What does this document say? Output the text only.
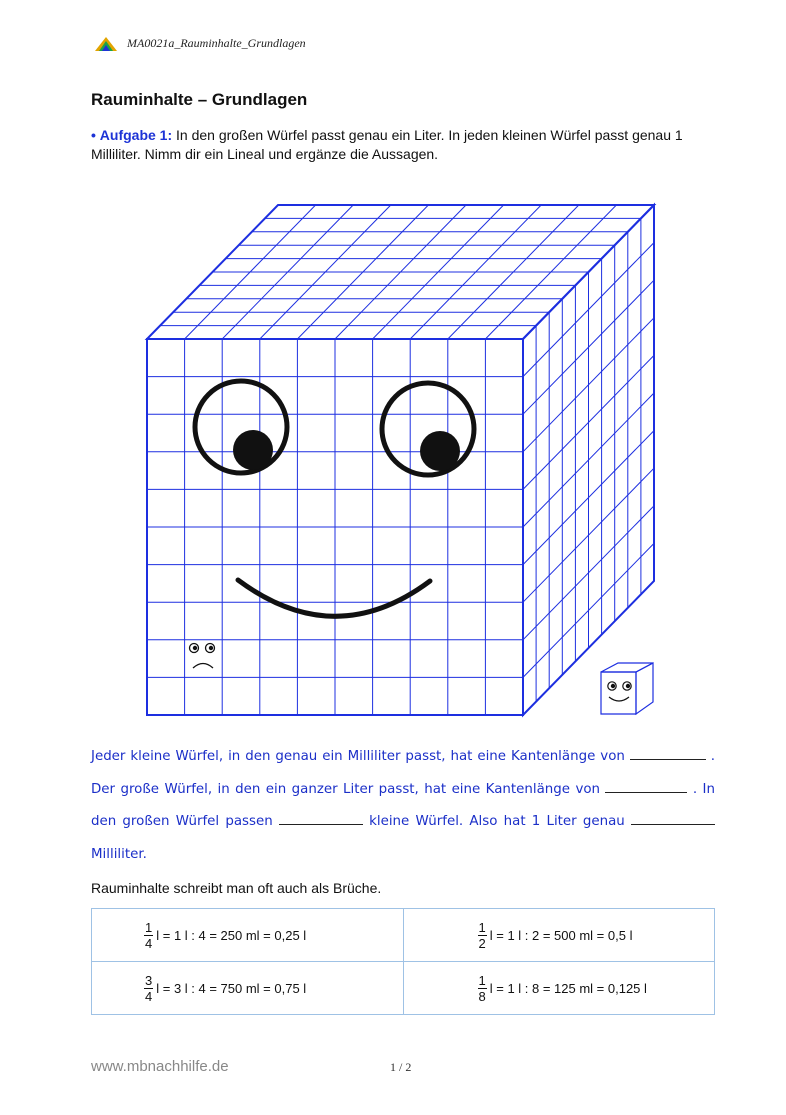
MA0021a_Rauminhalte_Grundlagen
Rauminhalte – Grundlagen
• Aufgabe 1: In den großen Würfel passt genau ein Liter. In jeden kleinen Würfel passt genau 1 Milliliter. Nimm dir ein Lineal und ergänze die Aussagen.
Jeder kleine Würfel, in den genau ein Milliliter passt, hat eine Kantenlänge von	. Der große Würfel, in den ein ganzer Liter passt, hat eine Kantenlänge von	. In den großen Würfel passen	kleine Würfel. Also hat 1 Liter genau  Milliliter.
Rauminhalte schreibt man oft auch als Brüche.
$\frac{1}{4}$ l = 1 l : 4 = 250 ml = 0,25 l	$\frac{1}{2}$ l = 1 l : 2 = 500 ml = 0,5 l

$\frac{3}{4}$ l = 3 l : 4 = 750 ml = 0,75 l	$\frac{1}{8}$ l = 1 l : 8 = 125 ml = 0,125 l
www.mbnachhilfe.de	1 / 2
